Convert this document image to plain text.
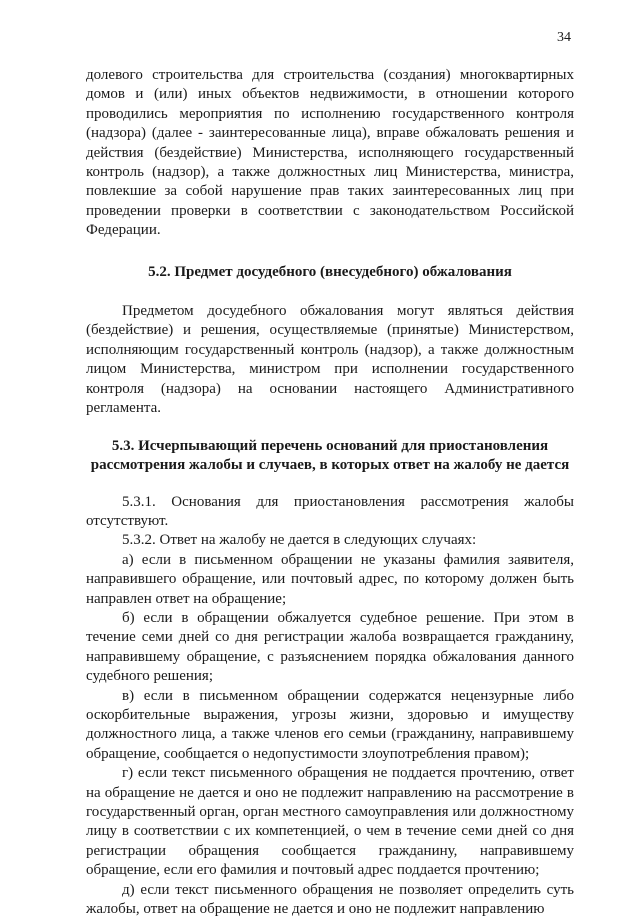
34

долевого строительства для строительства (создания) многоквартирных домов и (или) иных объектов недвижимости, в отношении которого проводились мероприятия по исполнению государственного контроля (надзора) (далее - заинтересованные лица), вправе обжаловать решения и действия (бездействие) Министерства, исполняющего государственный контроль (надзор), а также должностных лиц Министерства, министра, повлекшие за собой нарушение прав таких заинтересованных лиц при проведении проверки в соответствии с законодательством Российской Федерации.

5.2. Предмет досудебного (внесудебного) обжалования

Предметом досудебного обжалования могут являться действия (бездействие) и решения, осуществляемые (принятые) Министерством, исполняющим государственный контроль (надзор), а также должностным лицом Министерства, министром при исполнении государственного контроля (надзора) на основании настоящего Административного регламента.

5.3. Исчерпывающий перечень оснований для приостановления рассмотрения жалобы и случаев, в которых ответ на жалобу не дается

5.3.1. Основания для приостановления рассмотрения жалобы отсутствуют.

5.3.2. Ответ на жалобу не дается в следующих случаях:

а) если в письменном обращении не указаны фамилия заявителя, направившего обращение, или почтовый адрес, по которому должен быть направлен ответ на обращение;

б) если в обращении обжалуется судебное решение. При этом в течение семи дней со дня регистрации жалоба возвращается гражданину, направившему обращение, с разъяснением порядка обжалования данного судебного решения;

в) если в письменном обращении содержатся нецензурные либо оскорбительные выражения, угрозы жизни, здоровью и имуществу должностного лица, а также членов его семьи (гражданину, направившему обращение, сообщается о недопустимости злоупотребления правом);

г) если текст письменного обращения не поддается прочтению, ответ на обращение не дается и оно не подлежит направлению на рассмотрение в государственный орган, орган местного самоуправления или должностному лицу в соответствии с их компетенцией, о чем в течение семи дней со дня регистрации обращения сообщается гражданину, направившему обращение, если его фамилия и почтовый адрес поддается прочтению;

д) если текст письменного обращения не позволяет определить суть жалобы, ответ на обращение не дается и оно не подлежит направлению
